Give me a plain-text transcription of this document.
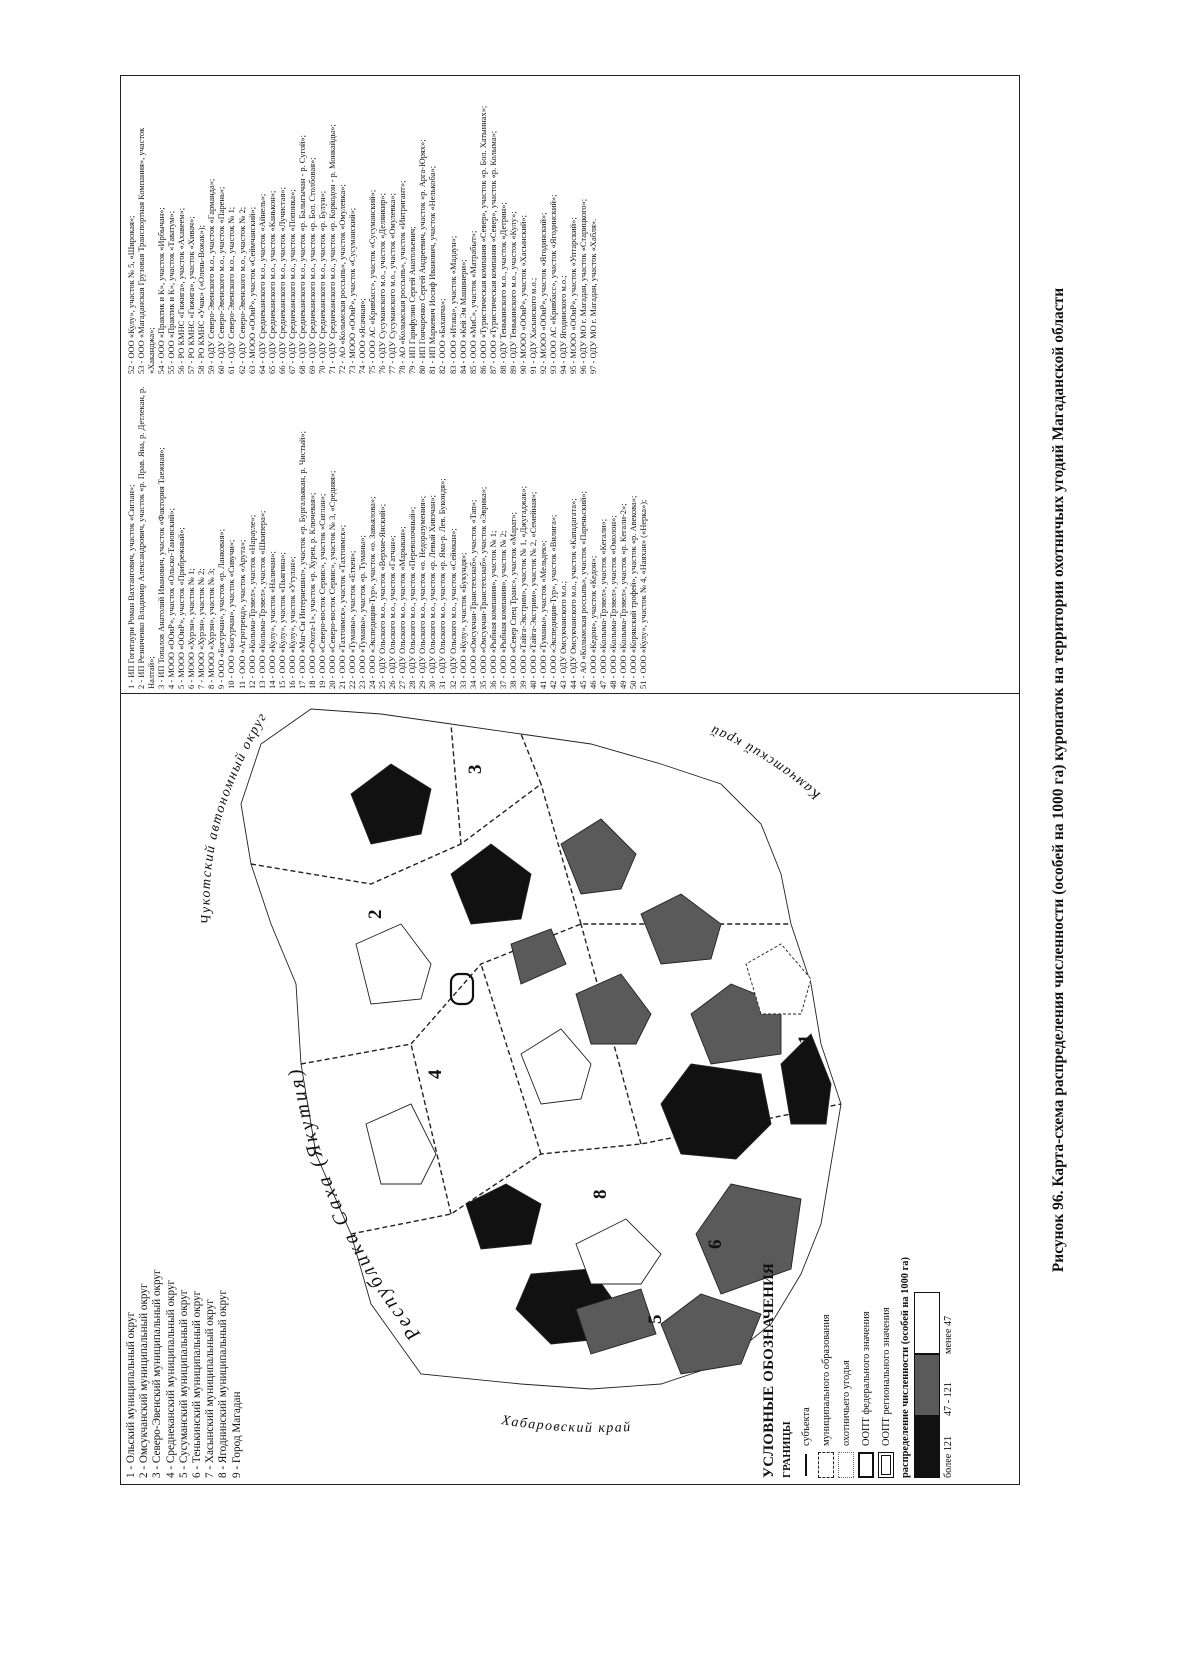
Республика Саха (Якутия)
Чукотский автономный округ
Хабаровский край
Камчатский край
5
8
4
2
3
6
7
1
1 - Ольский муниципальный округ 2 - Омсукчанский муниципальный округ 3 - Северо-Эвенский муниципальный округ 4 - Среднеканский муниципальный округ 5 - Сусуманский муниципальный округ 6 - Тенькинский муниципальный округ 7 - Хасынский муниципальный округ 8 - Ягоднинский муниципальный округ 9 - Город Магадан	УСЛОВНЫЕ ОБОЗНАЧЕНИЯ ГРАНИЦЫ субъекта муниципального образования охотничьего угодья ООПТ федерального значения ООПТ регионального значения распределение численности (особей на 1000 га)	более 121
47 - 121
менее 47
1 - ИП Гогитаури Роман Вахтангович, участок «Сиглан»; 2 - ИП Резниченко Владимир Александрович, участок «р. Прав. Яна, р. Детлекан, р. Налтай»; 3 - ИП Топалов Анатолий Иванович, участок «Фактория Таежная»; 4 - МООО «ООиР», участок «Ольско-Тановский»; 5 - МООО «ООиР», участок «Прибрежный»; 6 - МООО «Хурэн», участок № 1; 7 - МООО «Хурэн», участок № 2; 8 - МООО «Хурэн», участок № 3; 9 - ООО «Богурчан», участок «р. Ланковая»; 10 - ООО «Богурчан», участок «Сивучи»; 11 - ООО «Агротренд», участок «Арута»; 12 - ООО «Колыма-Трэвел», участок «Нарауле»; 13 - ООО «Колыма-Трэвел», участок «Шкипера»; 14 - ООО «Кулу», участок «Наличан»; 15 - ООО «Кулу», участок «Пьягина»; 16 - ООО «Кулу», участок «Утулан»; 17 - ООО «Маг-Си Интернешнл», участок «р. Бургальякан, р. Чистый»; 18 - ООО «Охота-1», участок «р. Хурен, р. Ключевая»; 19 - ООО «Северо-восток Сервис», участок «Сиглан»; 20 - ООО «Северо-восток Сервис», участок № 3, «Средняя»; 21 - ООО «Тахтоямск», участок «Тахтоямск»; 22 - ООО «Туманы», участок «Еткен»; 23 - ООО «Туманы», участок «р. Туманы»; 24 - ООО «Экспедиция-Тур», участок «о. Завьялова»; 25 - ОДУ Ольского м.о., участок «Верхне-Янский»; 26 - ОДУ Ольского м.о., участок «Гатчан»; 27 - ОДУ Ольского м.о., участок «Марыкан»; 28 - ОДУ Ольского м.о., участок «Переволочный»; 29 - ОДУ Ольского м.о., участок «о. Недоразумения»; 30 - ОДУ Ольского м.о., участок «р. Левый Хивэчан»; 31 - ОДУ Ольского м.о., участок «р. Яма-р. Лев. Букондя»; 32 - ОДУ Ольского м.о., участок «Сеймкан»; 33 - ООО «Кулу», участок «Букундя»; 34 - ООО «Омсукчан-Транстехснаб», участок «Тап»; 35 - ООО «Омсукчан-Транстехснаб», участок «Эврика»; 36 - ООО «Рыбная компания», участок № 1; 37 - ООО «Рыбная компания», участок № 2; 38 - ООО «Север Спец Транс», участок «Марат»; 39 - ООО «Тайга-Экстрим», участок № 1, «Джугаджак»; 40 - ООО «Тайга-Экстрим», участок № 2, «Семейная»; 41 - ООО «Туманы», участок «Мельдек»; 42 - ООО «Экспедиция-Тур», участок «Вилига»; 43 - ОДУ Омсукчанского м.о.; 44 - ОДУ Омсукчанского м.о., участок «Кападагата»; 45 - АО «Колымская россыпь», участок «Пареньский»; 46 - ООО «Кедон», участок «Кедон»; 47 - ООО «Колыма-Трэвел», участок «Кегали»; 48 - ООО «Колыма-Трэвел», участок «Омолон»; 49 - ООО «Колыма-Трэвел», участок «р. Кегали-2»; 50 - ООО «Корякский трофей», участок «р. Авекова»; 51 - ООО «Кулу», участок № 4, «Наяхан» («Нерка»);
52 - ООО «Кулу», участок № 5, «Широкая»; 53 - ООО «Магаданская Грузовая Транспортная Компания», участок «Хаканджа»; 54 - ООО «Практик и К», участок «Ирбычан»; 55 - ООО «Практик и К», участок «Таватум»; 56 - РО КМНС «Гижига», участок «Ахавеем»; 57 - РО КМНС «Гижига», участок «Хивач»; 58 - РО КМНС «Учак» («Олень-Вожак»); 59 - ОДУ Северо-Эвенского м.о., участок «Гарманда»; 60 - ОДУ Северо-Эвенского м.о., участок «Парень»; 61 - ОДУ Северо-Эвенского м.о., участок № 1; 62 - ОДУ Северо-Эвенского м.о., участок № 2; 63 - МООО «ООиР», участок «Сеймчанский»; 64 - ОДУ Среднеканского м.о., участок «Айнель»; 65 - ОДУ Среднеканского м.о., участок «Канькон»; 66 - ОДУ Среднеканского м.о., участок «Лучистая»; 67 - ОДУ Среднеканского м.о., участок «Попонка»; 68 - ОДУ Среднеканского м.о., участок «р. Балыгычан - р. Сугой»; 69 - ОДУ Среднеканского м.о., участок «р. Бол. Столбовая»; 70 - ОДУ Среднеканского м.о., участок «р. Булун»; 71 - ОДУ Среднеканского м.о., участок «р. Коркодон - р. Монкайды»; 72 - АО «Колымская россыпь», участок «Омулевка»; 73 - МООО «ООиР», участок «Сусуманский»; 74 - ООО «Ясачная»; 75 - ООО АС «Кривбасс», участок «Сусуманский»; 76 - ОДУ Сусуманского м.о., участок «Делянкир»; 77 - ОДУ Сусуманского м.о., участок «Омулевка»; 78 - АО «Колымская россыпь», участок «Интригант»; 79 - ИП Гарифулин Сергей Анатольевич; 80 - ИП Гончаренко Сергей Андреевич, участок «р. Арга-Юрях»; 81 - ИП Маркевич Иосиф Иванович, участок «Нелькоба»; 82 - ООО «Бахапча»; 83 - ООО «Итака», участок «Мадаун»; 84 - ООО «Кей Эм Машинери»; 85 - ООО «МиС», участок «Матрабыт»; 86 - ООО «Туристическая компания «Север», участок «р. Бол. Хатыннах»; 87 - ООО «Туристическая компания «Север», участок «р. Колыма»; 88 - ОДУ Тенькинского м.о., участок «Детрин»; 89 - ОДУ Тенькинского м.о., участок «Кулу»; 90 - МООО «ООиР», участок «Хасынский»; 91 - ОДУ Хасынского м.о.; 92 - МООО «ООиР», участок «Ягодинский»; 93 - ООО АС «Кривбасс», участок «Ягодинский»; 94 - ОДУ Ягодинского м.о.; 95 - МООО «ООиР», участок «Уптарский»; 96 - ОДУ МО г. Магадан, участок «Старицкого»; 97 - ОДУ МО г. Магадан, участок «Хабля».	Рисунок 96. Карта-схема распределения численности (особей на 1000 га) куропаток на территории охотничьих угодий Магаданской области
